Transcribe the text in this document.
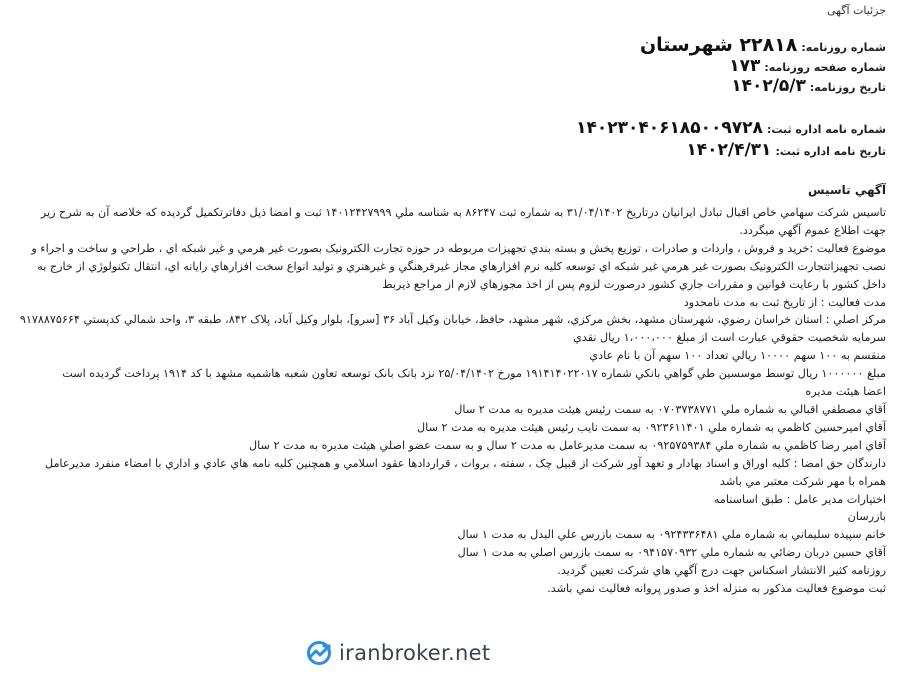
جزئیات آگهی
شماره روزنامه:۲۲۸۱۸ شهرستان
شماره صفحه روزنامه:۱۷۳
تاریخ روزنامه:۱۴۰۲/۵/۳
شماره نامه اداره ثبت:۱۴۰۲۳۰۴۰۶۱۸۵۰۰۹۷۲۸
تاریخ نامه اداره ثبت:۱۴۰۲/۴/۳۱
آگهي تاسيس

تاسیس شرکت سهامي خاص اقبال تبادل ایرانیان درتاریخ ۳۱/۰۴/۱۴۰۲ به شماره ثبت ۸۶۲۴۷ به شناسه ملي ۱۴۰۱۲۴۲۷۹۹۹ ثبت و امضا ذیل دفاترتکمیل گردیده که خلاصه آن به شرح زیر جهت اطلاع عموم آگهي میگردد.

موضوع فعالیت :خرید و فروش ، واردات و صادرات ، توزیع پخش و بسته بندي تجهیزات مربوطه در حوزه تجارت الکترونیک بصورت غیر هرمي و غیر شبکه اي ، طراحي و ساخت و اجراء و نصب تجهیزاتتجارت الکترونیک بصورت غیر هرمي غیر شبکه اي توسعه کلیه نرم افزارهاي مجاز غیرفرهنگي و غیرهنري و تولید انواع سخت افزارهاي رایانه اي، انتقال تکنولوژي از خارج به داخل کشور با رعایت قوانین و مقررات جاري کشور درصورت لزوم پس از اخذ مجوزهاي لازم از مراجع ذیربط

مدت فعالیت : از تاریخ ثبت به مدت نامحدود

مرکز اصلي : استان خراسان رضوي، شهرستان مشهد، بخش مرکزي، شهر مشهد، حافظ، خیابان وکیل آباد ۳۶ [سرو]، بلوار وکیل آباد، پلاک ۸۴۲، طبقه ۳، واحد شمالي کدپستي ۹۱۷۸۸۷۵۶۶۴

سرمایه شخصیت حقوقي عبارت است از مبلغ ۱،۰۰۰،۰۰۰ ریال نقدي

منقسم به ۱۰۰ سهم ۱۰۰۰۰ ریالي تعداد ۱۰۰ سهم آن با نام عادي

مبلغ ۱۰۰۰۰۰۰ ریال توسط موسسین طي گواهي بانکي شماره ۱۹۱۴۱۴۰۲۲۰۱۷ مورخ ۲۵/۰۴/۱۴۰۲ نزد بانک بانک توسعه تعاون شعبه هاشمیه مشهد با کد ۱۹۱۴ پرداخت گردیده است

اعضا هیئت مدیره

آقاي مصطفي اقبالي به شماره ملي ۰۷۰۳۷۳۸۷۷۱ به سمت رئیس هیئت مدیره به مدت ۲ سال

آقاي امیرحسین کاظمي به شماره ملي ۰۹۲۳۶۱۱۴۰۱ به سمت نایب رئیس هیئت مدیره به مدت ۲ سال

آقاي امیر رضا کاظمي به شماره ملي ۰۹۲۵۷۵۹۳۸۴ به سمت مدیرعامل به مدت ۲ سال و به سمت عضو اصلي هیئت مدیره به مدت ۲ سال

دارندگان حق امضا : کلیه اوراق و اسناد بهادار و تعهد آور شرکت از قبیل چک ، سفته ، بروات ، قراردادها عقود اسلامي و همچنین کلیه نامه هاي عادي و اداري با امضاء منفرد مدیرعامل همراه با مهر شرکت معتبر مي باشد

اختیارات مدیر عامل : طبق اساسنامه

بازرسان

خانم سپیده سلیماني به شماره ملي ۰۹۲۴۳۳۶۴۸۱ به سمت بازرس علي البدل به مدت ۱ سال

آقاي حسین دربان رضائي به شماره ملي ۰۹۴۱۵۷۰۹۳۲ به سمت بازرس اصلي به مدت ۱ سال

روزنامه کثیر الانتشار اسکناس جهت درج آگهي هاي شرکت تعیین گردید.

ثبت موضوع فعالیت مذکور به منزله اخذ و صدور پروانه فعالیت نمي باشد.

iranbroker.net
